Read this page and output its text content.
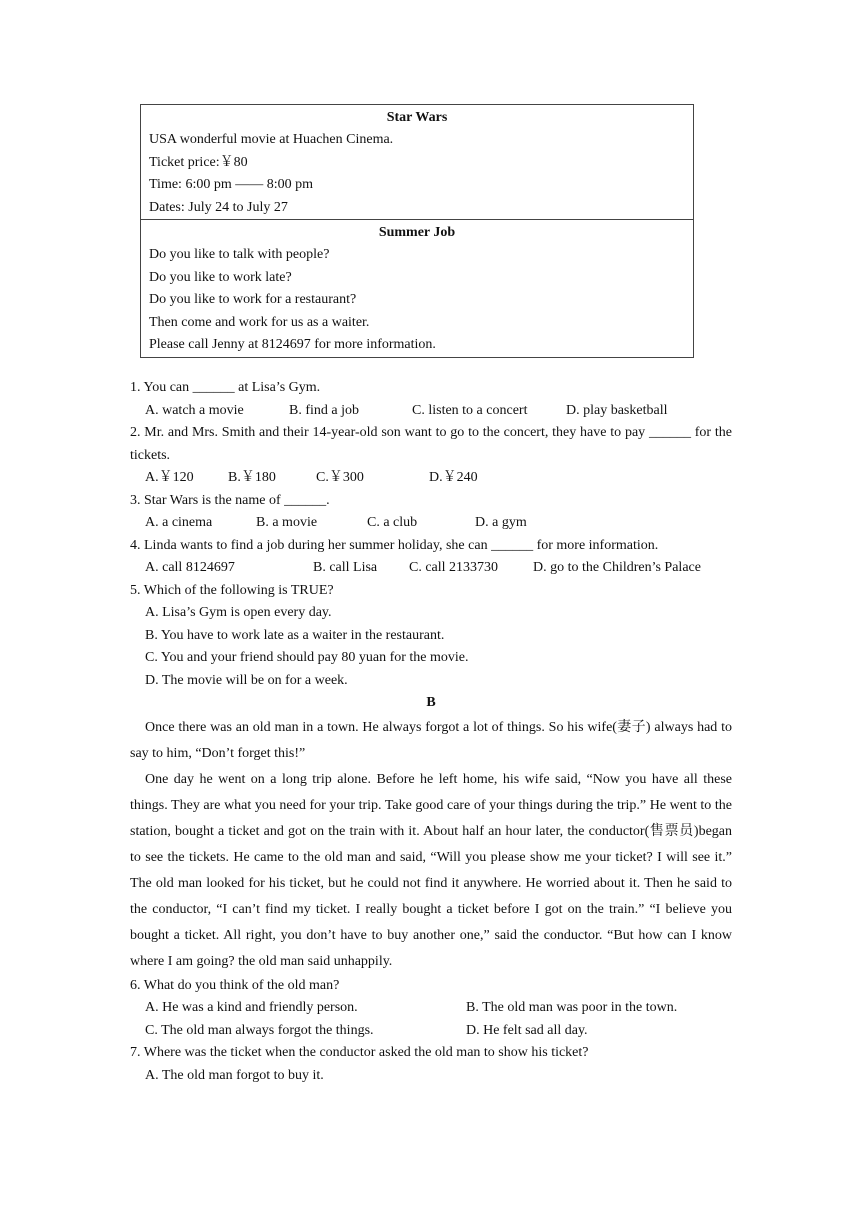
Star Wars
USA wonderful movie at Huachen Cinema.
Ticket price:￥80
Time: 6:00 pm —— 8:00 pm
Dates: July 24 to July 27

Summer Job
Do you like to talk with people?
Do you like to work late?
Do you like to work for a restaurant?
Then come and work for us as a waiter.
Please call Jenny at 8124697 for more information.
1. You can ______ at Lisa’s Gym.
A. watch a movie	B. find a job	C. listen to a concert	D. play basketball
2. Mr. and Mrs. Smith and their 14-year-old son want to go to the concert, they have to pay ______ for the tickets.
A.￥120	B.￥180	C.￥300	D.￥240
3. Star Wars is the name of ______.
A. a cinema	B. a movie	C. a club	D. a gym
4. Linda wants to find a job during her summer holiday, she can ______ for more information.
A. call 8124697	B. call Lisa	C. call 2133730	D. go to the Children’s Palace
5. Which of the following is TRUE?
A. Lisa’s Gym is open every day.
B. You have to work late as a waiter in the restaurant.
C. You and your friend should pay 80 yuan for the movie.
D. The movie will be on for a week.
B

Once there was an old man in a town. He always forgot a lot of things. So his wife(妻子) always had to say to him, “Don’t forget this!”

One day he went on a long trip alone. Before he left home, his wife said, “Now you have all these things. They are what you need for your trip. Take good care of your things during the trip.” He went to the station, bought a ticket and got on the train with it. About half an hour later, the conductor(售票员)began to see the tickets. He came to the old man and said, “Will you please show me your ticket? I will see it.” The old man looked for his ticket, but he could not find it anywhere. He worried about it. Then he said to the conductor, “I can’t find my ticket. I really bought a ticket before I got on the train.” “I believe you bought a ticket. All right, you don’t have to buy another one,” said the conductor. “But how can I know where I am going? the old man said unhappily.

6. What do you think of the old man?
A. He was a kind and friendly person.	B. The old man was poor in the town.
C. The old man always forgot the things.	D. He felt sad all day.
7. Where was the ticket when the conductor asked the old man to show his ticket?
A. The old man forgot to buy it.
